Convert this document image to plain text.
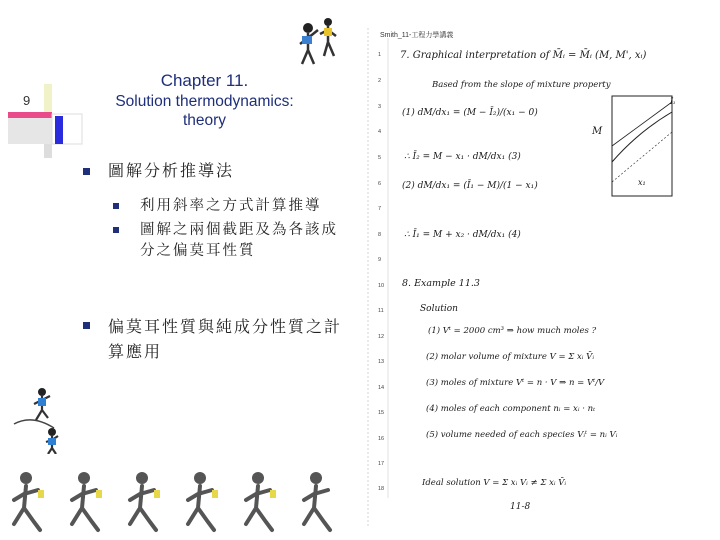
9
Chapter 11.
Solution thermodynamics:
theory
圖解分析推導法
利用斜率之方式計算推導
圖解之兩個截距及為各該成分之偏莫耳性質
偏莫耳性質與純成分性質之計算應用
Smith_11-工程力學講義
1
2
3
4
5
6
7
8
9
10
11
12
13
14
15
16
17
18
7. Graphical interpretation of M̄ᵢ = M̄ᵢ (M, M', xᵢ)
Based from the slope of mixture property
(1) dM/dx₁ = (M − Ī₂)/(x₁ − 0)
∴ Ī₂ = M − x₁ · dM/dx₁ (3)
(2) dM/dx₁ = (Ī₁ − M)/(1 − x₁)
∴ Ī₁ = M + x₂ · dM/dx₁ (4)
8. Example 11.3
Solution
(1) Vᵗ = 2000 cm³ ⇒ how much moles ?
(2) molar volume of mixture V = Σ xᵢ V̄ᵢ
(3) moles of mixture Vᵗ = n · V ⇒ n = Vᵗ/V
(4) moles of each component nᵢ = xᵢ · nₜ
(5) volume needed of each species Vᵢᵗ = nᵢ Vᵢ
Ideal solution V = Σ xᵢ Vᵢ ≠ Σ xᵢ V̄ᵢ
11-8
M
Ī₁
x₁
